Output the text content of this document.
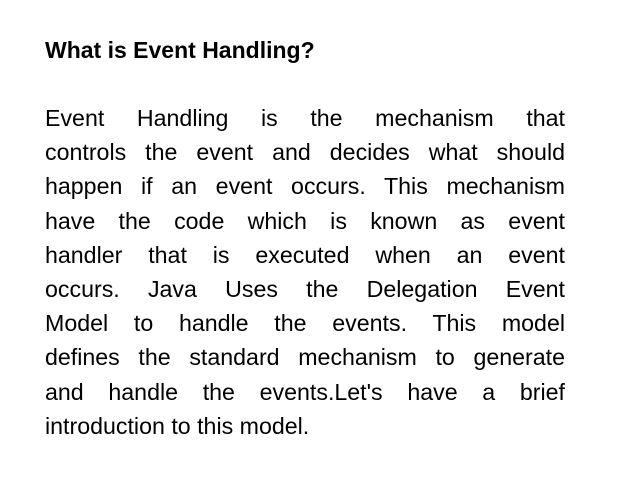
What is Event Handling?
Event Handling is the mechanism that
controls the event and decides what should
happen if an event occurs. This mechanism
have the code which is known as event
handler that is executed when an event
occurs. Java Uses the Delegation Event
Model to handle the events. This model
defines the standard mechanism to generate
and handle the events.Let's have a brief
introduction to this model.
